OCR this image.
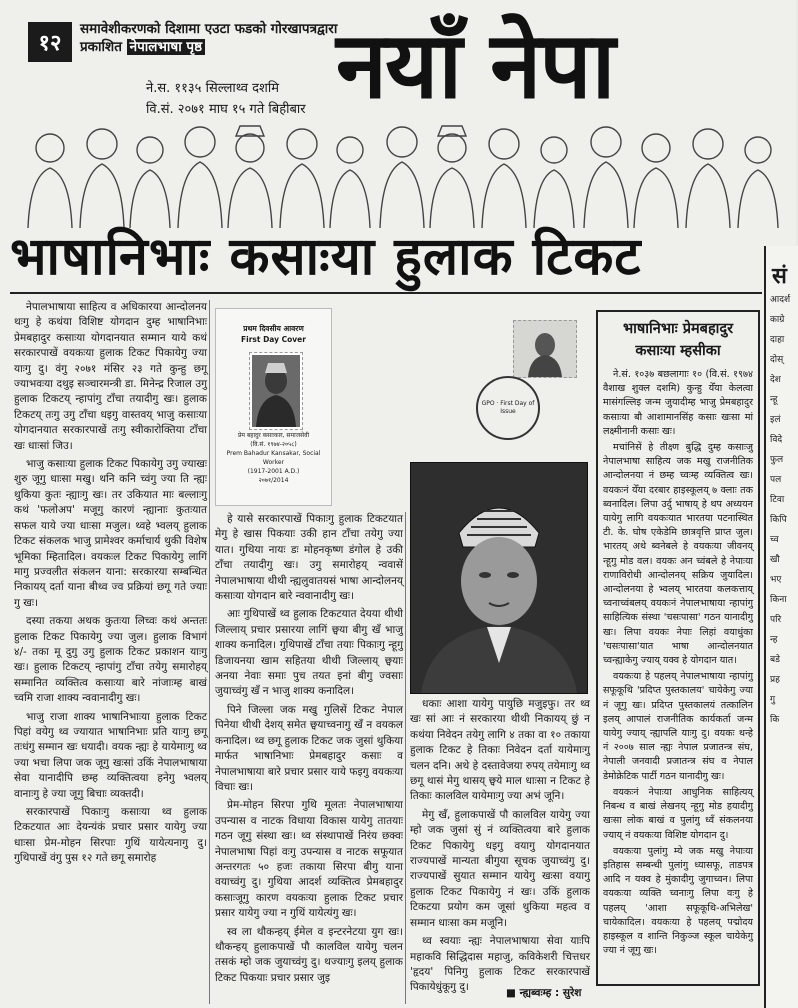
१२
समावेशीकरणको दिशामा एउटा फडको गोरखापत्रद्वारा
प्रकाशित नेपालभाषा पृष्ठ	नयाँ नेपा
ने.स. ११३५ सिल्लाथ्व दशमि
वि.सं. २०७१ माघ १५ गते बिहीबार
भाषानिभाः कसाःया हुलाक टिकट

नेपालभाषाया साहित्य व अधिकारया आन्दोलनय थःगु हे कथंया विशिष्ट योगदान दुम्ह भाषानिभाः प्रेमबहादुर कसाःया योगदानयात सम्मान याये कथं सरकारपाखें वयकःया हुलाक टिकट पिकायेगु ज्या याःगु दु। वंगु २०७१ मंसिर २३ गते कुन्हु छगू ज्याभवःया दथुइ सञ्चारमन्त्री डा. मिनेन्द्र रिजाल उगु हुलाक टिकटय् न्हापांगु टाँचा तयादीगु खः। हुलाक टिकटय् तःगु उगु टाँचा धइगु वास्तवय् भाजु कसाःया योगदानयात सरकारपाखें तःगु स्वीकारोक्तिया टाँचा खः धाःसां जिउ।

भाजु कसाःया हुलाक टिकट पिकायेगु उगु ज्याखः शुरु जूगु धाःसा मखु। थनि कनि च्वंगु ज्या ति न्ह्यः थुकिया कुतः न्ह्याःगु खः। तर उकियात माः बल्लाःगु कथं 'फलोअप' मजूगु कारणं न्ह्यानाः कुतःयात सफल याये ज्या धाःसा मजुल। थ्वहे भ्वलय् हुलाक टिकट संकलक भाजु प्रामेश्वर कर्माचार्य थुकी विशेष भूमिका म्हितादिल। वयकःल टिकट पिकायेगु लागिं मागु प्रज्वलीत संकलन याना: सरकारया सम्बन्धित निकायय् दर्ता याना बीथ्व ज्व प्रक्रियां छगू गते ज्याः गु खः।

दस्या तकया अथक कुतःया लिच्वः कथं अन्ततः हुलाक टिकट पिकायेगु ज्या जुल। हुलाक विभागं ४/- तका मू दुगु उगु हुलाक टिकट प्रकाशन याःगु खः। हुलाक टिकटय् न्हापांगु टाँचा तयेगु समारोहय् सम्मानित व्यक्तित्व कसाःया बारे नांजाःम्ह बाखं च्वमि राजा शाक्य न्ववानादीगु खः।

भाजु राजा शाक्य भाषानिभाःया हुलाक टिकट पिहां वयेगु थ्व ज्यायात भाषानिभाः प्रति याःगु छगू तःधंगु सम्मान खः धयादी। वयक न्ह्यः हे यायेमाःगु थ्व ज्या भचा लिपा जक जूगु खःसां उकिं नेपालभाषाया सेवा यानादीपि छम्ह व्यक्तित्वया हनेगु भ्वलय् वानाःगु हे ज्या जूगु बिचाः व्यक्तदी।

सरकारपाखें पिकाःगु कसाःया थ्व हुलाक टिकटयात आः देयन्यंकं प्रचार प्रसार यायेगु ज्या धाःसा प्रेम-मोहन सिरपाः गुथिं यायेत्यनागु दु। गुथिपाखें वंगु पुस १२ गते छगू समारोह

प्रथम दिवसीय आवरण
First Day Cover
प्रेम बहादुर कसाःकार, समाजसेवी
(वि.सं. १९७४-२०५८)
Prem Bahadur Kansakar, Social Worker
(1917-2001 A.D.)
२०७१/2014
GPO · First Day of Issue

हे यासे सरकारपाखें पिकाःगु हुलाक टिकटयात मेगु हे खास पिकयाः उकी हान टाँचा तयेगु ज्या यात। गुथिया नायः डः मोहनकृष्ण डंगोल हे उकी टाँचा तयादीगु खः। उगु समारोहय् न्ववासें नेपालभाषाया थीथी न्ह्यलुवातयसं भाषा आन्दोलनय् कसाःया योगदान बारे न्ववानादीगु खः।

आः गुथिपाखें थ्व हुलाक टिकटयात देयया थीथी जिल्लाय् प्रचार प्रसारया लागिं छ्वया बीगु खँ भाजु शाक्य कनादिल। गुथिपाखें टाँचा तयाः पिकाःगु न्हूगु डिजायनया खाम सहितया थीथी जिल्लाय् छ्वयाः अनया नेवाः समाः पुच तयत इनां बीगु ज्वसाः जुयाच्वंगु खँ न भाजु शाक्य कनादिल।

पिने जिल्ला जक मखु गुलिसें टिकट नेपाल पिनेया थीथी देशय् समेत छ्वयाच्वनागु खँ न वयकल कनादिल। थ्व छगू हुलाक टिकट जक जुसां थुकिया मार्फत भाषानिभाः प्रेमबहादुर कसाः व नेपालभाषाया बारे प्रचार प्रसार याये फइगु वयकःया विचाः खः।

प्रेम-मोहन सिरपा गुथि मूलतः नेपालभाषाया उपन्यास व नाटक विधाया विकास यायेगु तातयाः गठन जूगु संस्था खः। थ्व संस्थापाखें निरंय छक्वः नेपालभाषा पिहां वःगु उपन्यास व नाटक सफूयात अन्तरगतः ५० हजः तकाया सिरपा बीगु याना वयाच्वंगु दु। गुथिया आदर्श व्यक्तित्व प्रेमबहादुर कसाःजूगु कारण वयकःया हुलाक टिकट प्रचार प्रसार यायेगु ज्या न गुथिं यायेत्यंगु खः।

स्व ला थौकन्हय् ईमेल व इन्टरनेटया युग खः। थौकन्हय् हुलाकपाखें पौ कालविल यायेगु चलन तसकं म्हो जक जुयाच्वंगु दु। थज्याःगु इलय् हुलाक टिकट पिकयाः प्रचार प्रसार जुइ

धकाः आशा यायेगु पायुछि मजुइफु। तर थ्व खः सां आः नं सरकारया थीथी निकायय् छुं न कथंया निवेदन तयेगु लागि ४ तका वा १० तकाया हुलाक टिकट हे तिकाः निवेदन दर्ता यायेमाःगु चलन दनि। अथे हे दस्तावेजया रुपय् तयेमाःगु थ्व छगू थासं मेगु थासय् छ्वये माल धाःसा न टिकट हे तिकाः कालविल यायेमाःगु ज्या अभं जूनि।

मेगु खँ, हुलाकपाखें पौ कालविल यायेगु ज्या म्हो जक जुसां सुं नं व्यक्तित्वया बारे हुलाक टिकट पिकायेगु धइगु वयागु योगदानयात राज्यपाखें मान्यता बीगुया सूचक जुयाच्वंगु दु। राज्यपाखें सुयात सम्मान यायेगु खःसा वयागु हुलाक टिकट पिकायेगु नं खः। उकिं हुलाक टिकटया प्रयोग कम जूसां थुकिया महत्व व सम्मान धाःसा कम मजूनि।

थ्व स्वयाः न्ह्यः नेपालभाषाया सेवा याःपि महाकवि सिद्धिदास महाजु, कविकेशरी चित्तधर 'हृदय' पिनिगु हुलाक टिकट सरकारपाखें पिकायेधुंकूगु दु।	■ न्ह्यब्वःम्ह : सुरेश
भाषानिभाः प्रेमबहादुर कसाःया म्हसीका

ने.सं. १०३७ बछलागाः १० (वि.सं. १९७४ वैशाख शुक्ल दशमि) कुन्हु येँया केलत्वा मासंगल्लिइ जन्म जुयादीम्ह भाजु प्रेमबहादुर कसाःया बौ आशामानसिंह कसाः खःसा मां लक्ष्मीनानी कसाः खः।

मचांनिसें हे तीक्ष्ण बुद्धि दुम्ह कसाःजु नेपालभाषा साहित्य जक मखु राजनीतिक आन्दोलनया नं छम्ह च्वःम्ह व्यक्तित्व खः। वयकःनं येँया दरबार हाइस्कूलय् ७ क्लाः तक ब्वनादिल। लिपा उर्दु भाषाय् हे थप अध्ययन यायेगु लागि वयकःयात भारतया पटनास्थित टी. के. घोष एकेडेमि छात्रवृत्ति प्राप्त जुल। भारतय् अथे ब्वनेबले हे वयकःया जीवनय् न्हूगु मोड वल। वयकः अन च्वंबले हे नेपाःया राणाविरोधी आन्दोलनय् सक्रिय जुयादिल। आन्दोलनया हे भ्वलय् भारतया कलकत्ताय् च्वनाच्वंबलय् वयकःनं नेपालभाषाया न्हापांगु साहित्यिक संस्था 'चसःपासा' गठन यानादीगु खः। लिपा वयकः नेपाः लिहां वयाधुंका 'चसःपासा'यात भाषा आन्दोलनयात च्वन्ह्याकेगु ज्याय् यक्व हे योगदान यात।

वयकःया हे पहलय् नेपालभाषाया न्हापांगु सफूकूथि 'प्रदिप्त पुस्तकालय' चायेकेगु ज्या नं जूगु खः। प्रदिप्त पुस्तकालयं तत्कालिन इलय् आपालं राजनीतिक कार्यकर्ता जन्म यायेगु ज्याय् न्ह्यापलि याःगु दु। वयकः थन्हे नं २००७ साल न्ह्यः नेपाल प्रजातन्त्र संघ, नेपाली जनवादी प्रजातन्त्र संघ व नेपाल डेमोक्रेटिक पार्टी गठन यानादीगु खः।

वयकःनं नेपाःया आधुनिक साहित्यय् निबन्ध व बाखं लेखनय् न्हूगु मोड हयादीगु खःसा लोक बाखं व पुलांगु ध्वँ संकलनया ज्याय् नं वयकःया विशिष्ट योगदान दु।

वयकःया पुलांगु म्ये जक मखु नेपाःया इतिहास सम्बन्धी पुलांगु ध्यासफू, ताडपत्र आदि न यक्व हे मुंकादीगु जुगाच्वन। लिपा वयकःया व्यक्ति च्वनाःगु लिपा वःगु हे पहलय् 'आशा सफूकूथि-अभिलेख' चायेकादिल। वयकःया हे पहलय् पद्मोदय हाइस्कूल व शान्ति निकुञ्ज स्कूल चायेकेगु ज्या नं जूगु खः।

सं
आदर्श
काग्रे
दाहा
दोस्
देश
न्हू
इलं
विदे
फुल
पल
टिवा
किपि
च्व
खौ
भए
किना
परि
न्ह
बडे
प्रह
गु
कि
